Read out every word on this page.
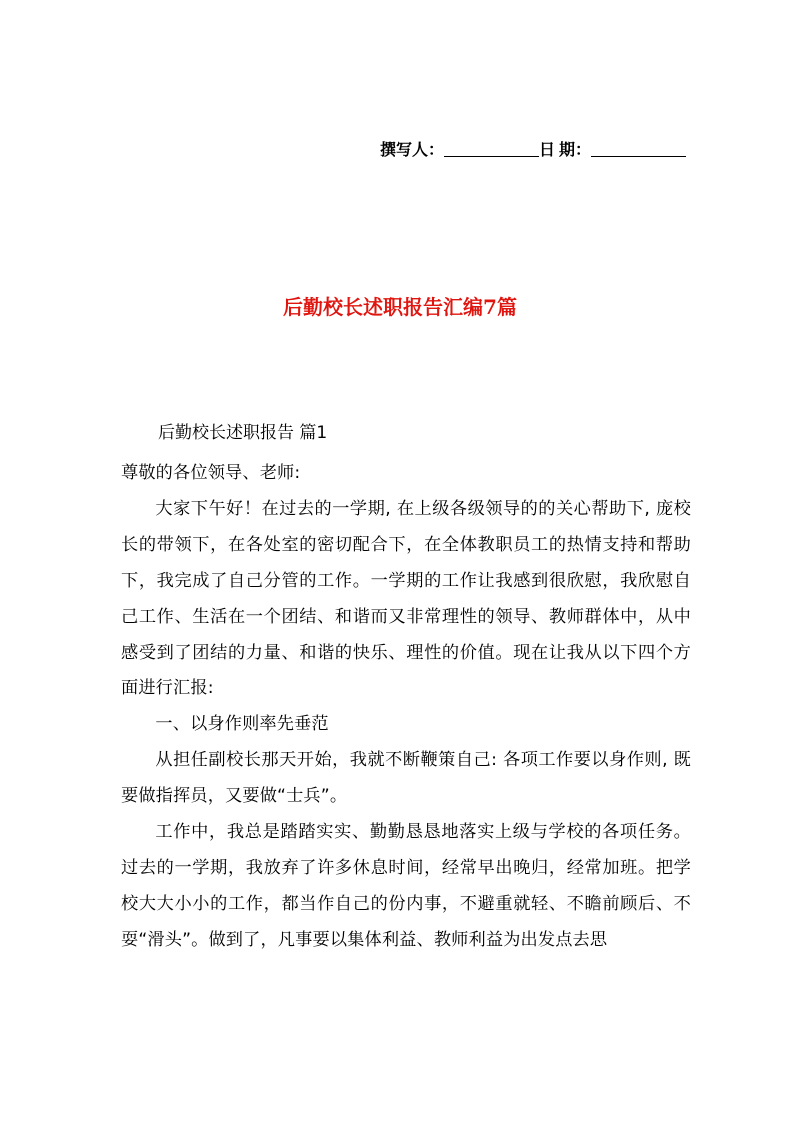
撰写人：	日 期：
后勤校长述职报告汇编7篇
后勤校长述职报告 篇1

尊敬的各位领导、老师:

大家下午好！在过去的一学期, 在上级各级领导的的关心帮助下, 庞校长的带领下，在各处室的密切配合下，在全体教职员工的热情支持和帮助下，我完成了自己分管的工作。一学期的工作让我感到很欣慰，我欣慰自己工作、生活在一个团结、和谐而又非常理性的领导、教师群体中，从中感受到了团结的力量、和谐的快乐、理性的价值。现在让我从以下四个方面进行汇报:

一、以身作则率先垂范

从担任副校长那天开始，我就不断鞭策自己: 各项工作要以身作则, 既要做指挥员，又要做“士兵”。

工作中，我总是踏踏实实、勤勤恳恳地落实上级与学校的各项任务。过去的一学期，我放弃了许多休息时间，经常早出晚归，经常加班。把学校大大小小的工作，都当作自己的份内事，不避重就轻、不瞻前顾后、不耍“滑头”。做到了，凡事要以集体利益、教师利益为出发点去思
